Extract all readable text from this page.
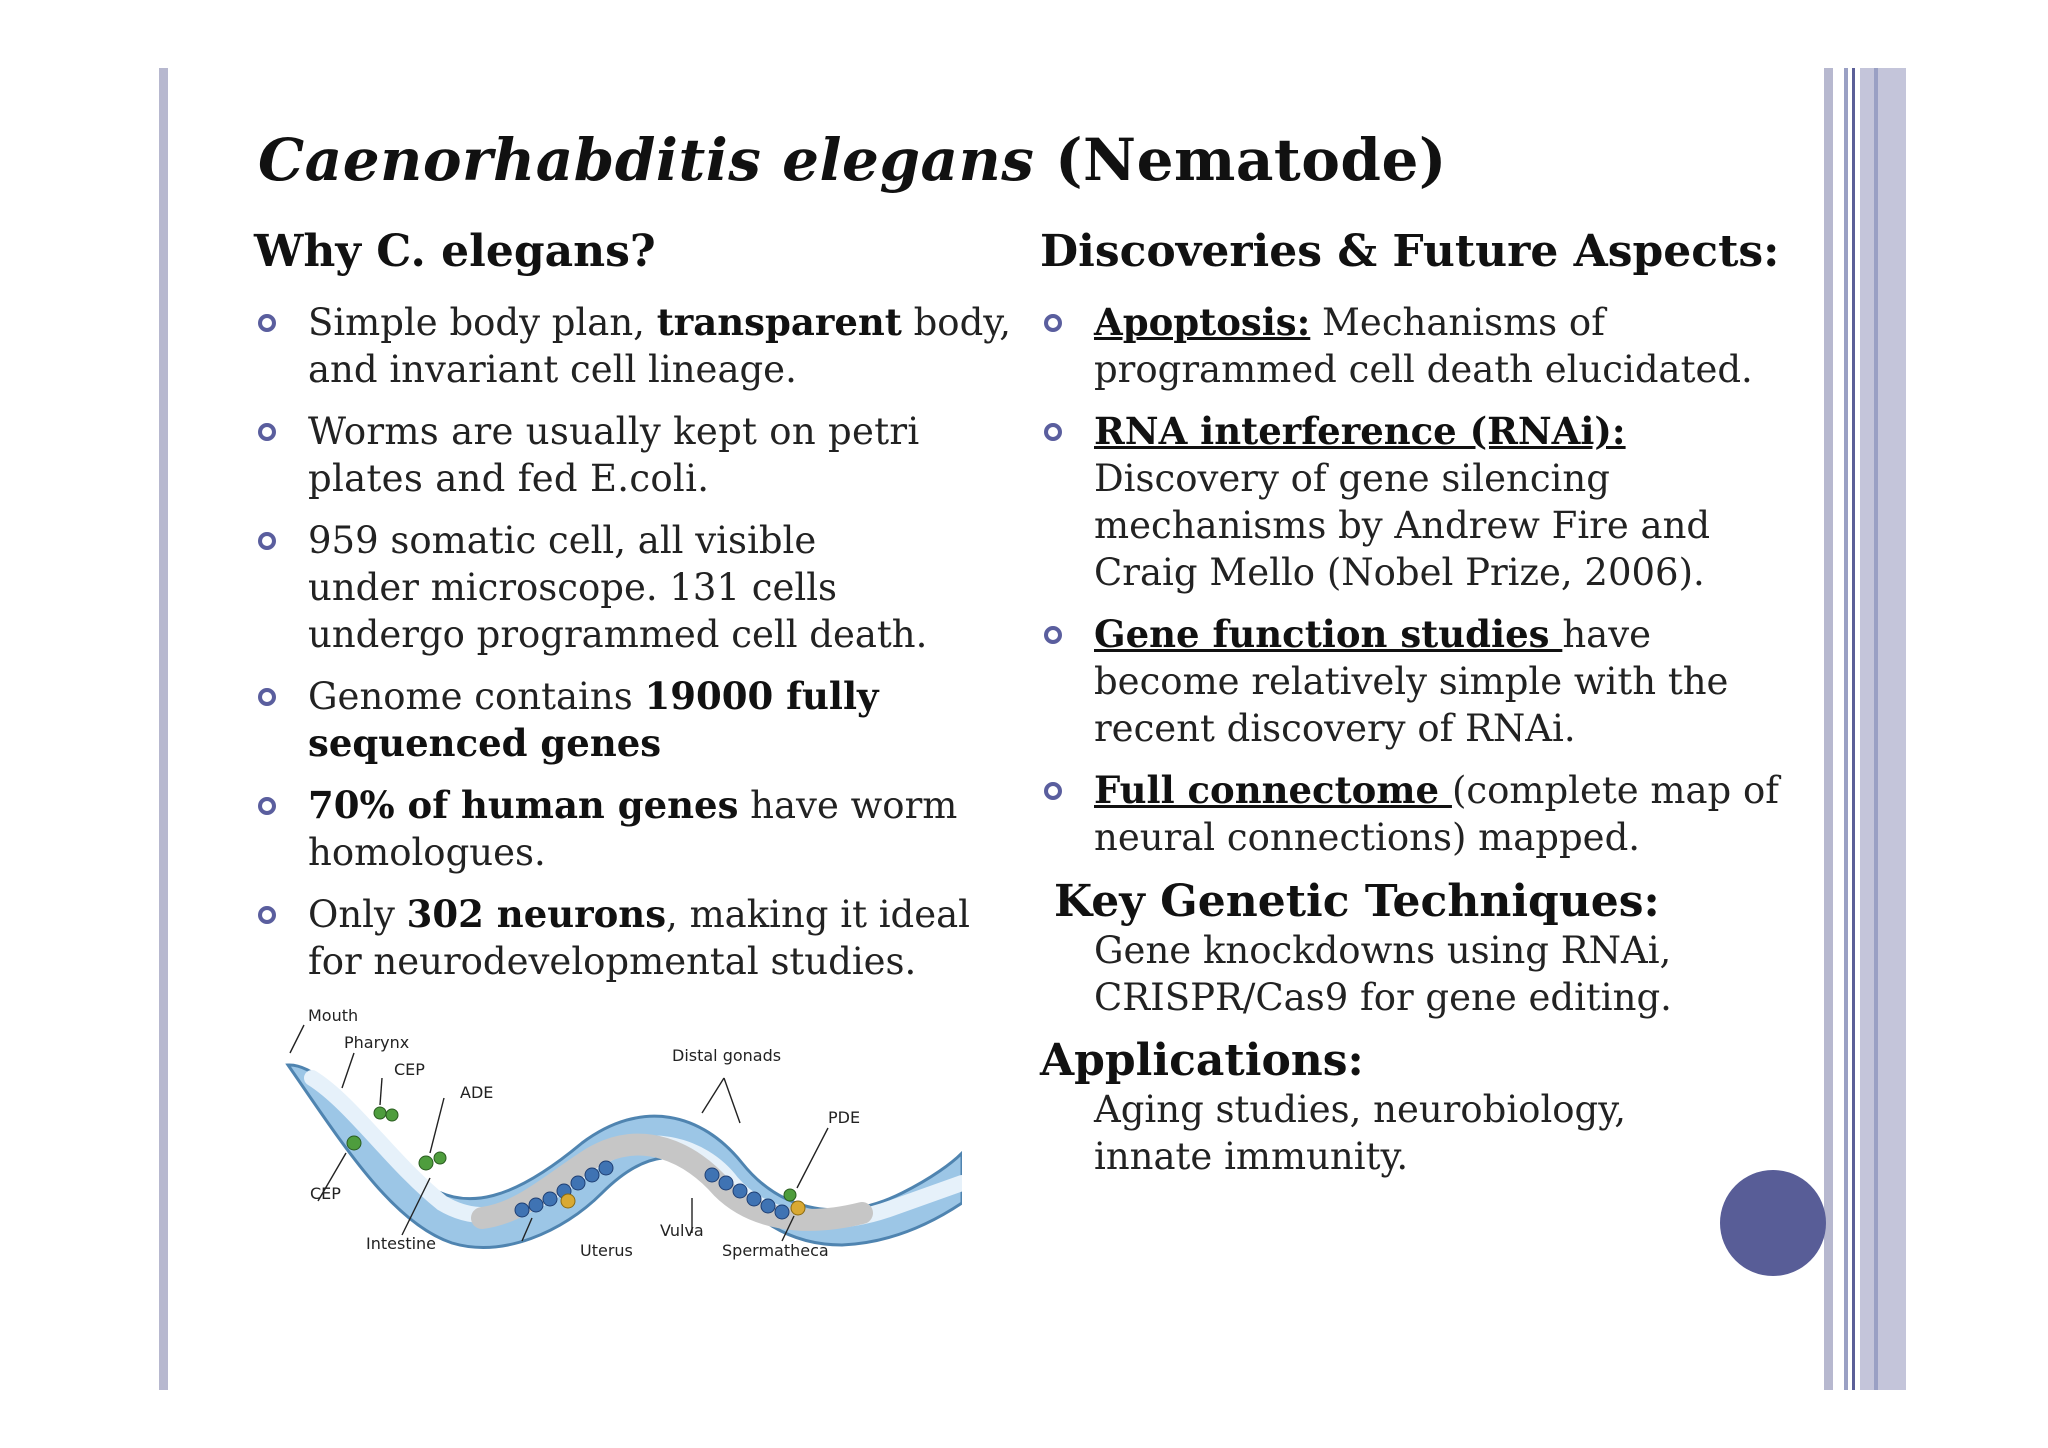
Caenorhabditis elegans (Nematode)
Why C. elegans?
Simple body plan, transparent body, and invariant cell lineage.
Worms are usually kept on petri plates and fed E.coli.
959 somatic cell, all visible under microscope. 131 cells undergo programmed cell death.
Genome contains 19000 fully sequenced genes
70% of human genes have worm homologues.
Only 302 neurons, making it ideal for neurodevelopmental studies.
Discoveries & Future Aspects:
Apoptosis: Mechanisms of programmed cell death elucidated.
RNA interference (RNAi): Discovery of gene silencing mechanisms by Andrew Fire and Craig Mello (Nobel Prize, 2006).
Gene function studies have become relatively simple with the recent discovery of RNAi.
Full connectome (complete map of neural connections) mapped.
Key Genetic Techniques:

Gene knockdowns using RNAi, CRISPR/Cas9 for gene editing.

Applications:

Aging studies, neurobiology, innate immunity.

Mouth
Pharynx
CEP
ADE
Distal gonads
PDE
CEP
Intestine	Uterus
Vulva
Spermatheca
